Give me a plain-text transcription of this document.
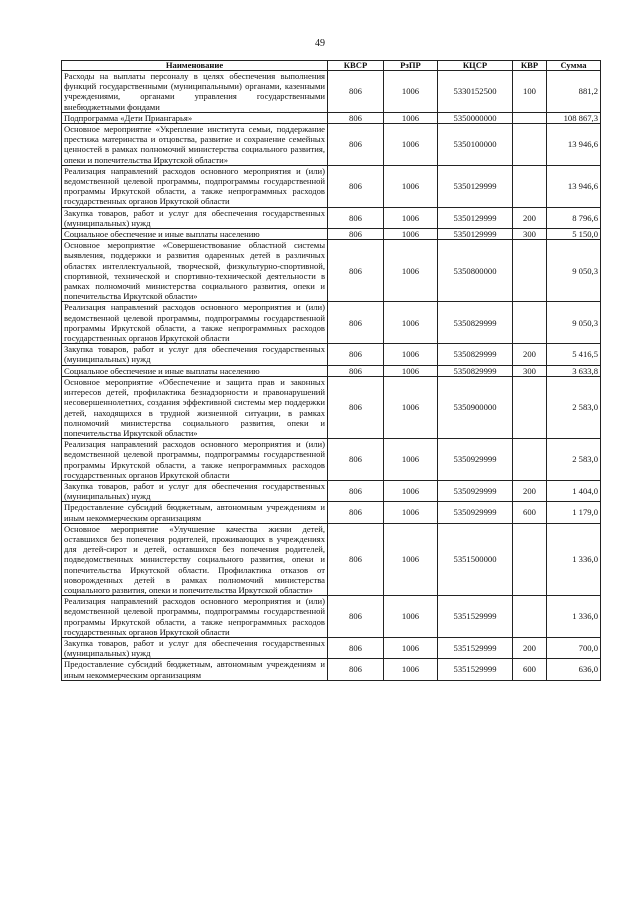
49
Наименование	КВСР	РзПР	КЦСР	КВР	Сумма
Расходы на выплаты персоналу в целях обеспечения выполнения функций государственными (муниципальными) органами, казенными учреждениями, органами управления государственными внебюджетными фондами	806	1006	5330152500	100	881,2
Подпрограмма «Дети Приангарья»	806	1006	5350000000		108 867,3
Основное мероприятие «Укрепление института семьи, поддержание престижа материнства и отцовства, развитие и сохранение семейных ценностей в рамках полномочий министерства социального развития, опеки и попечительства Иркутской области»	806	1006	5350100000		13 946,6
Реализация направлений расходов основного мероприятия и (или) ведомственной целевой программы, подпрограммы государственной программы Иркутской области, а также непрограммных расходов государственных органов Иркутской области	806	1006	5350129999		13 946,6
Закупка товаров, работ и услуг для обеспечения государственных (муниципальных) нужд	806	1006	5350129999	200	8 796,6
Социальное обеспечение и иные выплаты населению	806	1006	5350129999	300	5 150,0
Основное мероприятие «Совершенствование областной системы выявления, поддержки и развития одаренных детей в различных областях интеллектуальной, творческой, физкультурно-спортивной, спортивной, технической и спортивно-технической деятельности в рамках полномочий министерства социального развития, опеки и попечительства Иркутской области»	806	1006	5350800000		9 050,3
Реализация направлений расходов основного мероприятия и (или) ведомственной целевой программы, подпрограммы государственной программы Иркутской области, а также непрограммных расходов государственных органов Иркутской области	806	1006	5350829999		9 050,3
Закупка товаров, работ и услуг для обеспечения государственных (муниципальных) нужд	806	1006	5350829999	200	5 416,5
Социальное обеспечение и иные выплаты населению	806	1006	5350829999	300	3 633,8
Основное мероприятие «Обеспечение и защита прав и законных интересов детей, профилактика безнадзорности и правонарушений несовершеннолетних, создания эффективной системы мер поддержки детей, находящихся в трудной жизненной ситуации, в рамках полномочий министерства социального развития, опеки и попечительства Иркутской области»	806	1006	5350900000		2 583,0
Реализация направлений расходов основного мероприятия и (или) ведомственной целевой программы, подпрограммы государственной программы Иркутской области, а также непрограммных расходов государственных органов Иркутской области	806	1006	5350929999		2 583,0
Закупка товаров, работ и услуг для обеспечения государственных (муниципальных) нужд	806	1006	5350929999	200	1 404,0
Предоставление субсидий бюджетным, автономным учреждениям и иным некоммерческим организациям	806	1006	5350929999	600	1 179,0
Основное мероприятие «Улучшение качества жизни детей, оставшихся без попечения родителей, проживающих в учреждениях для детей-сирот и детей, оставшихся без попечения родителей, подведомственных министерству социального развития, опеки и попечительства Иркутской области. Профилактика отказов от новорожденных детей в рамках полномочий министерства социального развития, опеки и попечительства Иркутской области»	806	1006	5351500000		1 336,0
Реализация направлений расходов основного мероприятия и (или) ведомственной целевой программы, подпрограммы государственной программы Иркутской области, а также непрограммных расходов государственных органов Иркутской области	806	1006	5351529999		1 336,0
Закупка товаров, работ и услуг для обеспечения государственных (муниципальных) нужд	806	1006	5351529999	200	700,0
Предоставление субсидий бюджетным, автономным учреждениям и иным некоммерческим организациям	806	1006	5351529999	600	636,0
